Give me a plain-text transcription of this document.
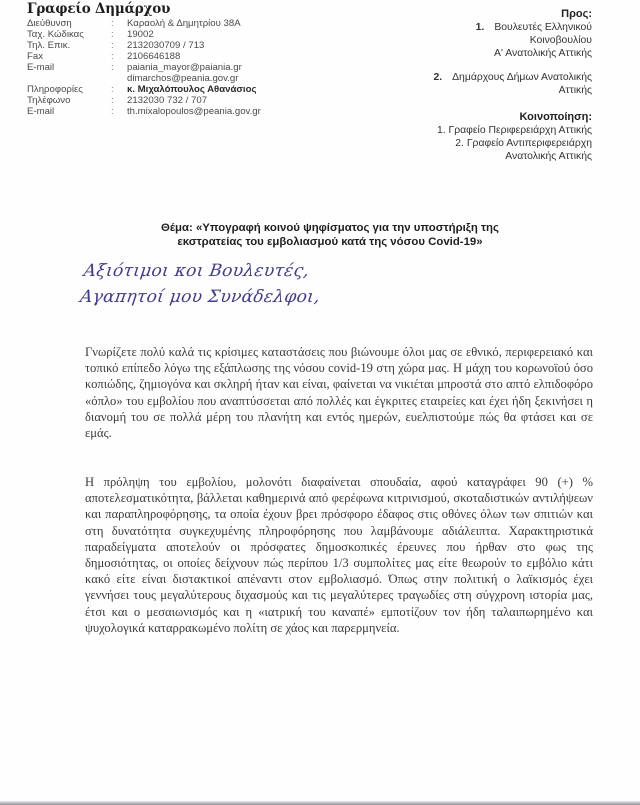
Γραφείο Δημάρχου
Διεύθυνση	:	Καραολή & Δημητρίου 38Α
Ταχ. Κώδικας	:	19002
Τηλ. Επικ.	:	2132030709 / 713
Fax	:	2106646188
E-mail	:	paiania_mayor@paiania.gr
dimarchos@peania.gov.gr
Πληροφορίες	:	κ. Μιχαλόπουλος Αθανάσιος
Τηλέφωνο	:	2132030 732 / 707
E-mail	:	th.mixalopoulos@peania.gov.gr
Προς:
1. Βουλευτές Ελληνικού
Κοινοβουλίου
Α' Ανατολικής Αττικής
2. Δημάρχους Δήμων Ανατολικής
Αττικής
Κοινοποίηση:
1. Γραφείο Περιφερειάρχη Αττικής
2. Γραφείο Αντιπεριφερειάρχη
Ανατολικής Αττικής
Θέμα: «Υπογραφή κοινού ψηφίσματος για την υποστήριξη της
εκστρατείας του εμβολιασμού κατά της νόσου Covid-19»
Αξιότιμοι κοι Βουλευτές,
Αγαπητοί μου Συνάδελφοι,
Γνωρίζετε πολύ καλά τις κρίσιμες καταστάσεις που βιώνουμε όλοι μας σε εθνικό, περιφερειακό και τοπικό επίπεδο λόγω της εξάπλωσης της νόσου covid-19 στη χώρα μας. Η μάχη του κορωνοϊού όσο κοπιώδης, ζημιογόνα και σκληρή ήταν και είναι, φαίνεται να νικιέται μπροστά στο απτό ελπιδοφόρο «όπλο» του εμβολίου που αναπτύσσεται από πολλές και έγκριτες εταιρείες και έχει ήδη ξεκινήσει η διανομή του σε πολλά μέρη του πλανήτη και εντός ημερών, ευελπιστούμε πώς θα φτάσει και σε εμάς.
Η πρόληψη του εμβολίου, μολονότι διαφαίνεται σπουδαία, αφού καταγράφει 90 (+) % αποτελεσματικότητα, βάλλεται καθημερινά από φερέφωνα κιτρινισμού, σκοταδιστικών αντιλήψεων και παραπληροφόρησης, τα οποία έχουν βρει πρόσφορο έδαφος στις οθόνες όλων των σπιτιών και στη δυνατότητα συγκεχυμένης πληροφόρησης που λαμβάνουμε αδιάλειπτα. Χαρακτηριστικά παραδείγματα αποτελούν οι πρόσφατες δημοσκοπικές έρευνες που ήρθαν στο φως της δημοσιότητας, οι οποίες δείχνουν πώς περίπου 1/3 συμπολίτες μας είτε θεωρούν το εμβόλιο κάτι κακό είτε είναι διστακτικοί απέναντι στον εμβολιασμό. Όπως στην πολιτική ο λαϊκισμός έχει γεννήσει τους μεγαλύτερους διχασμούς και τις μεγαλύτερες τραγωδίες στη σύγχρονη ιστορία μας, έτσι και ο μεσαιωνισμός και η «ιατρική του καναπέ» εμποτίζουν τον ήδη ταλαιπωρημένο και ψυχολογικά καταρρακωμένο πολίτη σε χάος και παρερμηνεία.
